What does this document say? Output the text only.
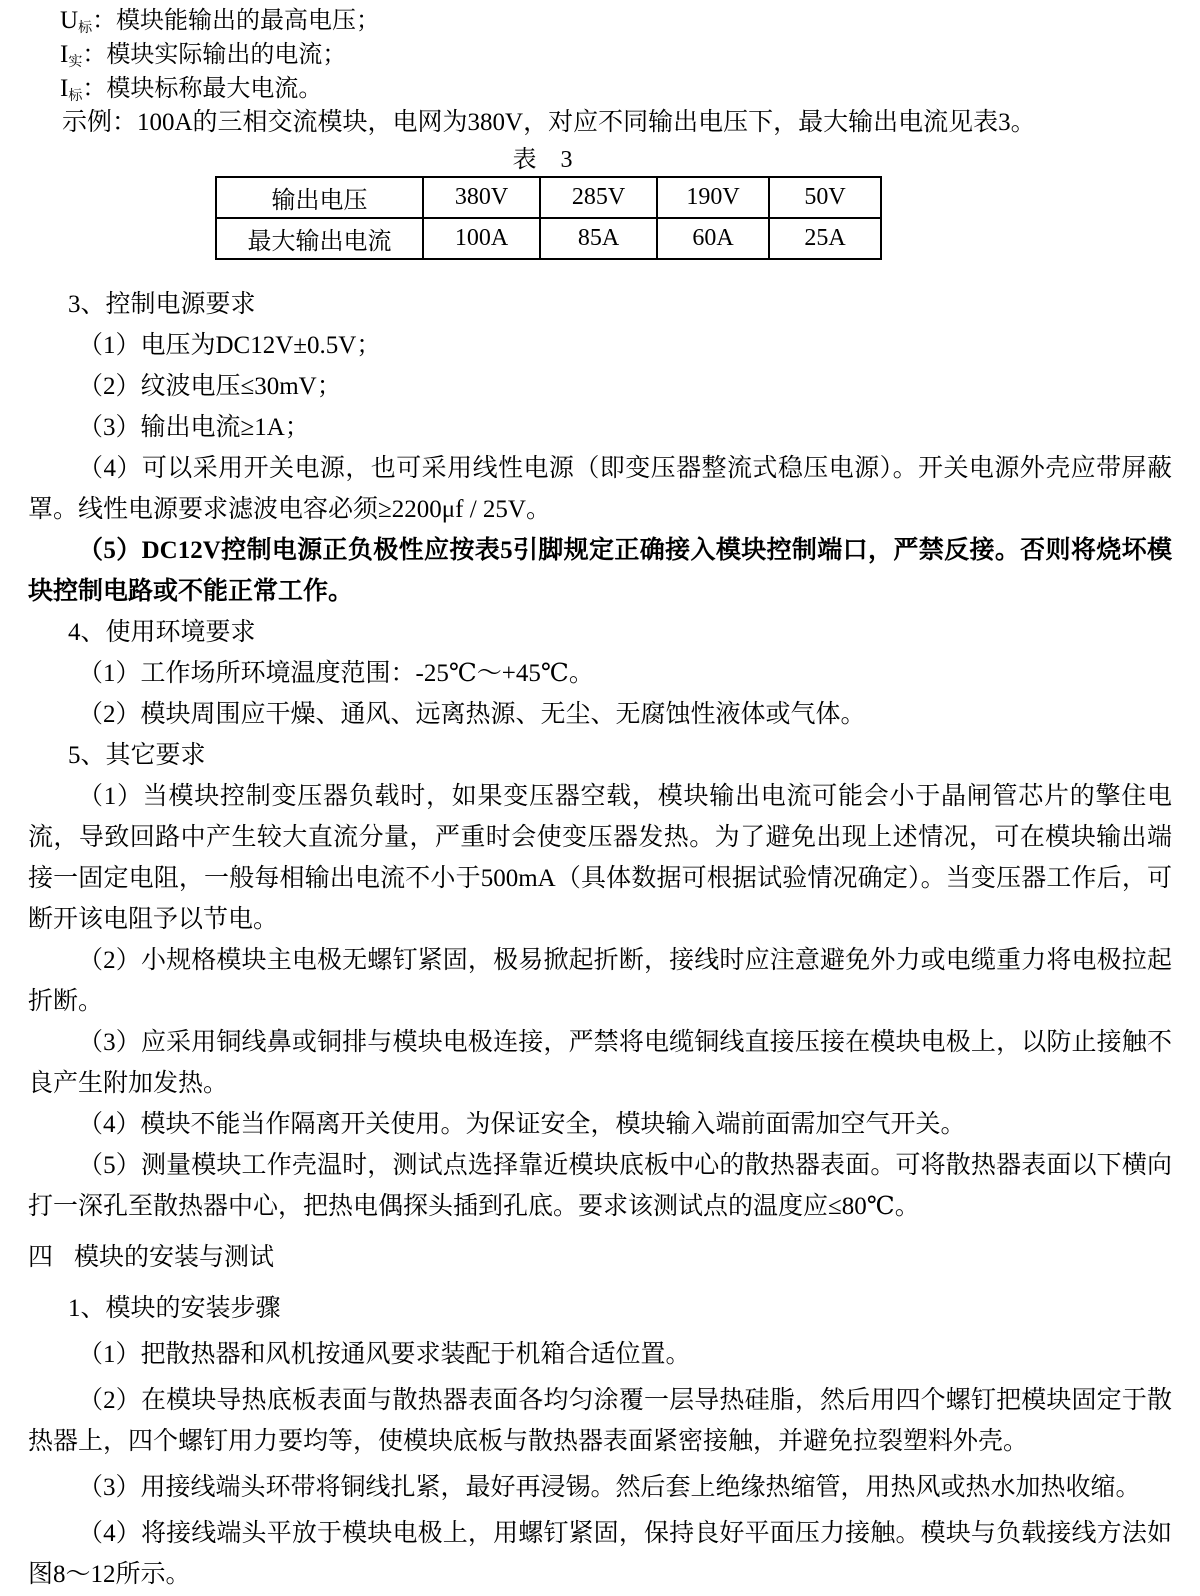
$U_标$：模块能输出的最高电压；

$I_实$：模块实际输出的电流；

$I_标$：模块标称最大电流。

示例：100A的三相交流模块，电网为380V，对应不同输出电压下，最大输出电流见表3。

表　3
输出电压	380V	285V	190V	50V
最大输出电流	100A	85A	60A	25A

3、控制电源要求

（1）电压为DC12V±0.5V；

（2）纹波电压≤30mV；

（3）输出电流≥1A；

（4）可以采用开关电源，也可采用线性电源（即变压器整流式稳压电源）。开关电源外壳应带屏蔽罩。线性电源要求滤波电容必须≥2200μf / 25V。

（5）DC12V控制电源正负极性应按表5引脚规定正确接入模块控制端口，严禁反接。否则将烧坏模块控制电路或不能正常工作。

4、使用环境要求

（1）工作场所环境温度范围：-25℃～+45℃。

（2）模块周围应干燥、通风、远离热源、无尘、无腐蚀性液体或气体。

5、其它要求

（1）当模块控制变压器负载时，如果变压器空载，模块输出电流可能会小于晶闸管芯片的擎住电流，导致回路中产生较大直流分量，严重时会使变压器发热。为了避免出现上述情况，可在模块输出端接一固定电阻，一般每相输出电流不小于500mA（具体数据可根据试验情况确定）。当变压器工作后，可断开该电阻予以节电。

（2）小规格模块主电极无螺钉紧固，极易掀起折断，接线时应注意避免外力或电缆重力将电极拉起折断。

（3）应采用铜线鼻或铜排与模块电极连接，严禁将电缆铜线直接压接在模块电极上，以防止接触不良产生附加发热。

（4）模块不能当作隔离开关使用。为保证安全，模块输入端前面需加空气开关。

（5）测量模块工作壳温时，测试点选择靠近模块底板中心的散热器表面。可将散热器表面以下横向打一深孔至散热器中心，把热电偶探头插到孔底。要求该测试点的温度应≤80℃。

四 模块的安装与测试

1、模块的安装步骤

（1）把散热器和风机按通风要求装配于机箱合适位置。

（2）在模块导热底板表面与散热器表面各均匀涂覆一层导热硅脂，然后用四个螺钉把模块固定于散热器上，四个螺钉用力要均等，使模块底板与散热器表面紧密接触，并避免拉裂塑料外壳。

（3）用接线端头环带将铜线扎紧，最好再浸锡。然后套上绝缘热缩管，用热风或热水加热收缩。

（4）将接线端头平放于模块电极上，用螺钉紧固，保持良好平面压力接触。模块与负载接线方法如图8～12所示。
